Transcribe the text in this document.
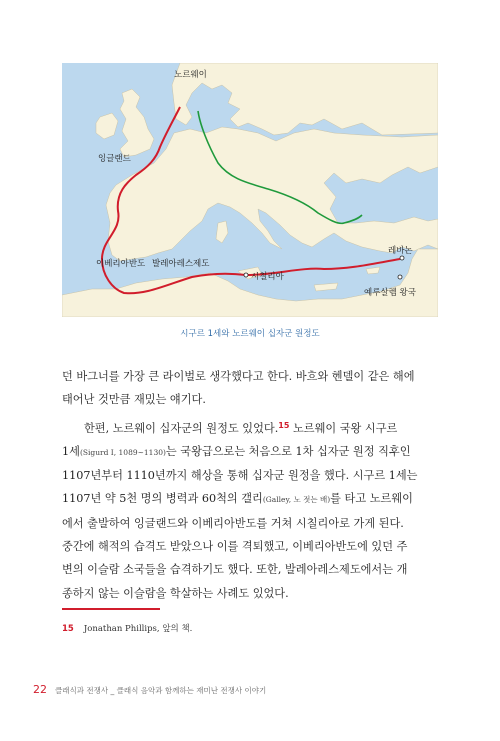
노르웨이
잉글랜드
이베리아반도 발레아레스제도
시칠리아
레바논
예루살렘 왕국
시구르 1세와 노르웨이 십자군 원정도
던 바그너를 가장 큰 라이벌로 생각했다고 한다. 바흐와 헨델이 같은 해에
태어난 것만큼 재밌는 얘기다.
한편, 노르웨이 십자군의 원정도 있었다.$^{15}$ 노르웨이 국왕 시구르
1세(Sigurd I, 1089~1130)는 국왕급으로는 처음으로 1차 십자군 원정 직후인
1107년부터 1110년까지 해상을 통해 십자군 원정을 했다. 시구르 1세는
1107년 약 5천 명의 병력과 60척의 갤리(Galley, 노 젓는 배)를 타고 노르웨이
에서 출발하여 잉글랜드와 이베리아반도를 거쳐 시칠리아로 가게 된다.
중간에 해적의 습격도 받았으나 이를 격퇴했고, 이베리아반도에 있던 주
변의 이슬람 소국들을 습격하기도 했다. 또한, 발레아레스제도에서는 개
종하지 않는 이슬람을 학살하는 사례도 있었다.
15 Jonathan Phillips, 앞의 책.
22 클래식과 전쟁사 _ 클래식 음악과 함께하는 재미난 전쟁사 이야기
